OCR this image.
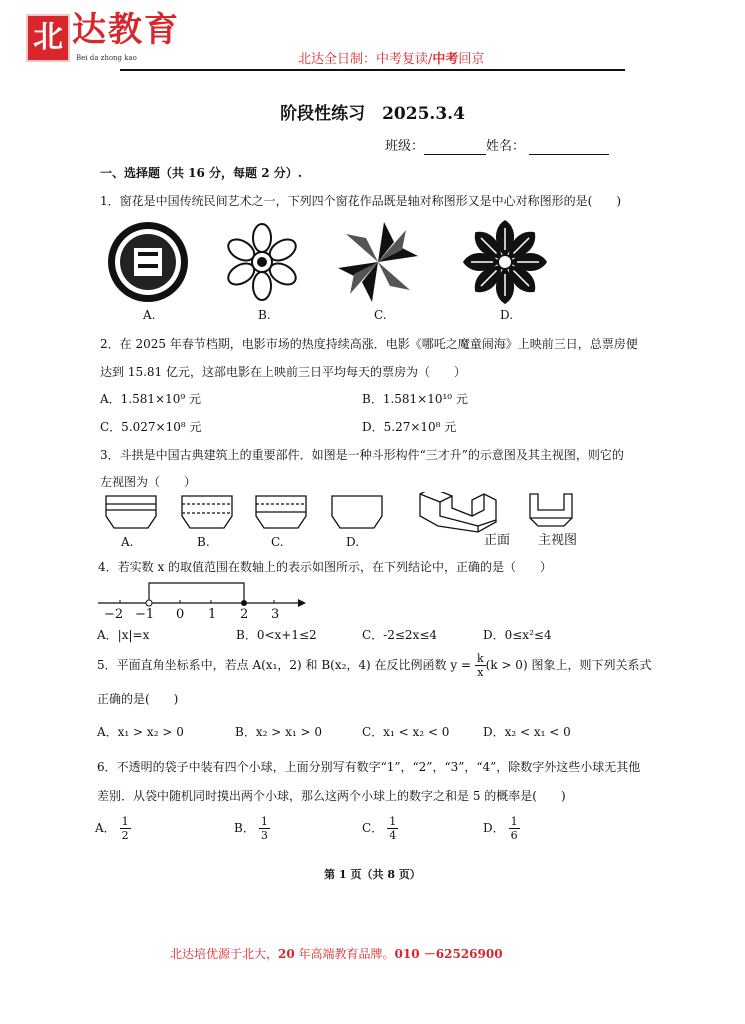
北 达教育
Bei da zhong kao	北达全日制：中考复读/中考回京
阶段性练习　2025.3.4
班级：	姓名：
一、选择题（共 16 分，每题 2 分）.
1．窗花是中国传统民间艺术之一，下列四个窗花作品既是轴对称图形又是中心对称图形的是(　　)
A.	B.	C.	D.
2．在 2025 年春节档期，电影市场的热度持续高涨．电影《哪吒之魔童闹海》上映前三日，总票房便
达到 15.81 亿元，这部电影在上映前三日平均每天的票房为（　　）
A．1.581×10⁹ 元	B．1.581×10¹⁰ 元
C．5.027×10⁸ 元	D．5.27×10⁸ 元
3．斗拱是中国古典建筑上的重要部件．如图是一种斗形构件“三才升”的示意图及其主视图，则它的
左视图为（　　）
A.	B.	C.	D.	正面 主视图
4．若实数 x 的取值范围在数轴上的表示如图所示，在下列结论中，正确的是（　　）
−2 −1 0 1 2 3
A．|x|=x	B．0<x+1≤2	C．-2≤2x≤4	D．0≤x²≤4
5．平面直角坐标系中，若点 A(x₁，2) 和 B(x₂，4) 在反比例函数 $y = \frac{k}{x} (k > 0)$ 图象上，则下列关系式
正确的是(　　)
A．x₁ > x₂ > 0	B．x₂ > x₁ > 0	C．x₁ < x₂ < 0	D．x₂ < x₁ < 0
6．不透明的袋子中装有四个小球，上面分别写有数字“1”，“2”，“3”，“4”，除数字外这些小球无其他
差别．从袋中随机同时摸出两个小球，那么这两个小球上的数字之和是 5 的概率是(　　)
A． $\frac{1}{2}$	B． $\frac{1}{3}$	C． $\frac{1}{4}$	D． $\frac{1}{6}$
第 1 页（共 8 页）
北达培优源于北大，20 年高端教育品牌。010 －62526900
